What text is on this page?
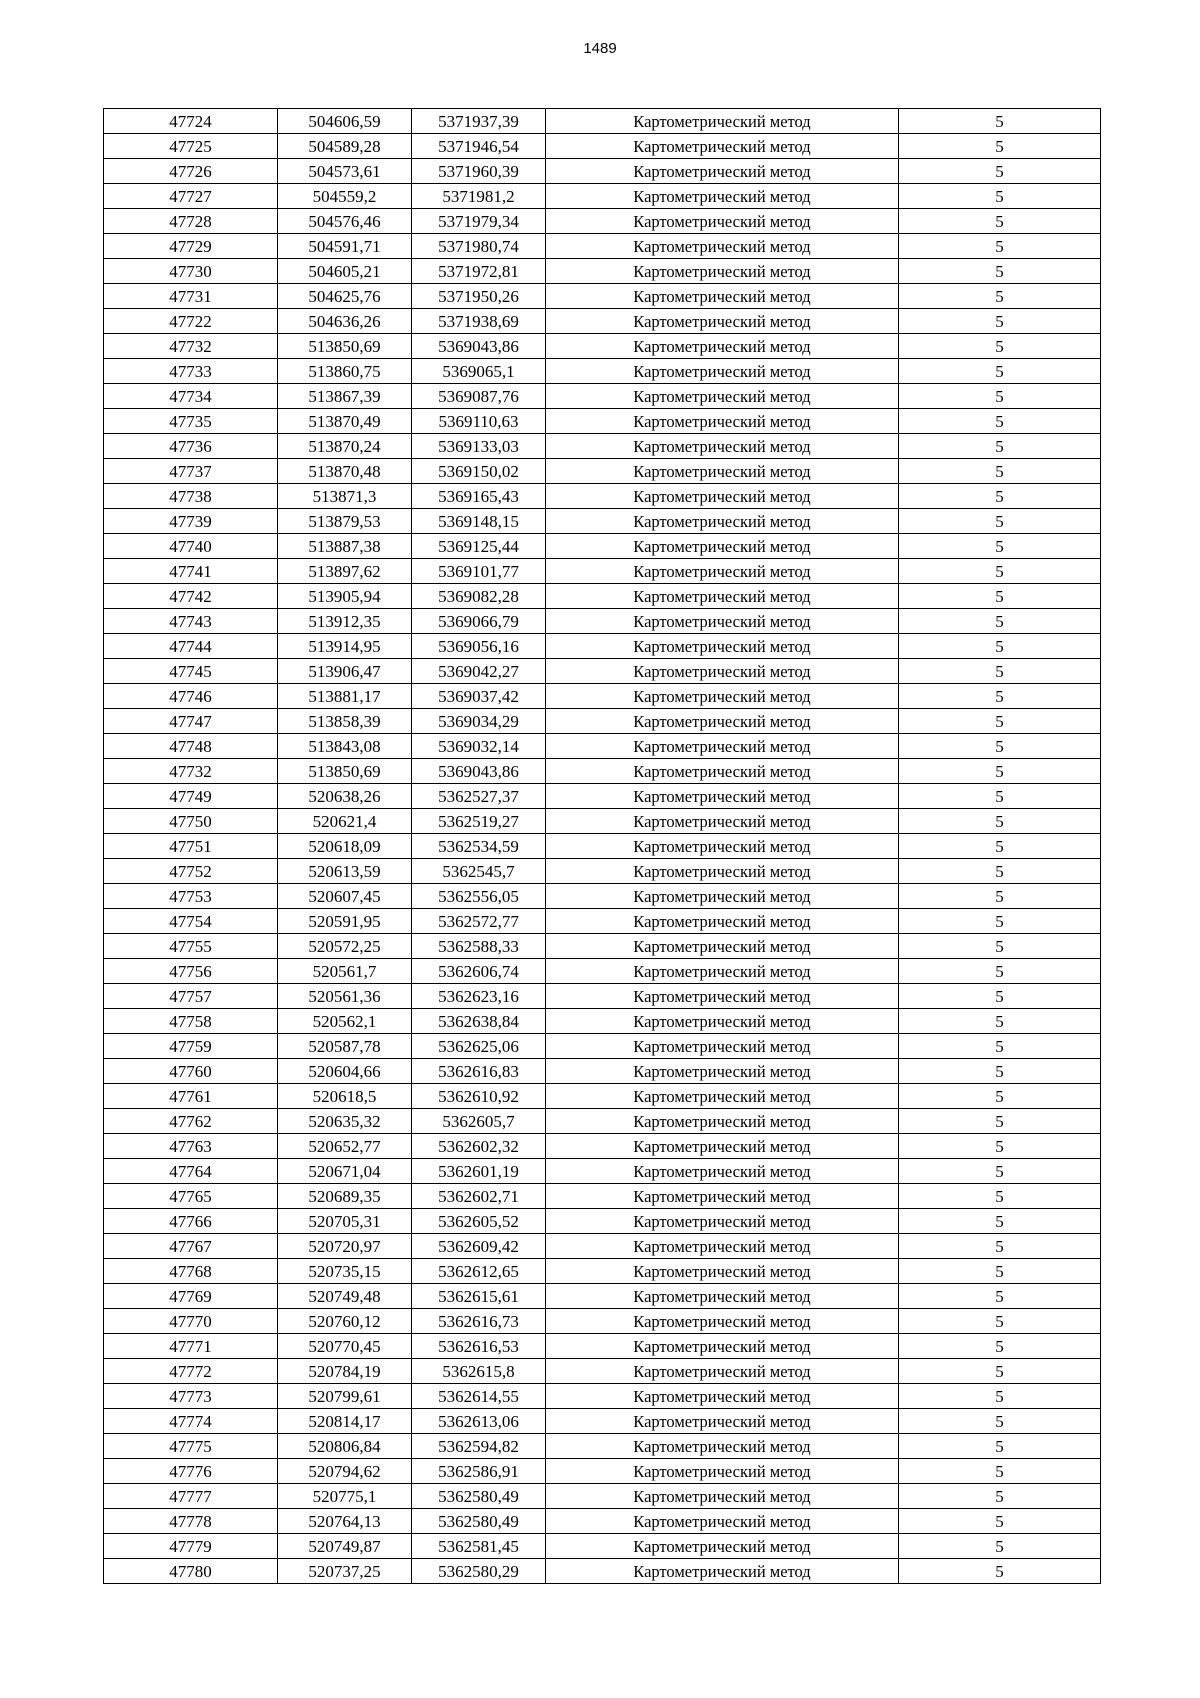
1489
47724	504606,59	5371937,39	Картометрический метод	5
47725	504589,28	5371946,54	Картометрический метод	5
47726	504573,61	5371960,39	Картометрический метод	5
47727	504559,2	5371981,2	Картометрический метод	5
47728	504576,46	5371979,34	Картометрический метод	5
47729	504591,71	5371980,74	Картометрический метод	5
47730	504605,21	5371972,81	Картометрический метод	5
47731	504625,76	5371950,26	Картометрический метод	5
47722	504636,26	5371938,69	Картометрический метод	5
47732	513850,69	5369043,86	Картометрический метод	5
47733	513860,75	5369065,1	Картометрический метод	5
47734	513867,39	5369087,76	Картометрический метод	5
47735	513870,49	5369110,63	Картометрический метод	5
47736	513870,24	5369133,03	Картометрический метод	5
47737	513870,48	5369150,02	Картометрический метод	5
47738	513871,3	5369165,43	Картометрический метод	5
47739	513879,53	5369148,15	Картометрический метод	5
47740	513887,38	5369125,44	Картометрический метод	5
47741	513897,62	5369101,77	Картометрический метод	5
47742	513905,94	5369082,28	Картометрический метод	5
47743	513912,35	5369066,79	Картометрический метод	5
47744	513914,95	5369056,16	Картометрический метод	5
47745	513906,47	5369042,27	Картометрический метод	5
47746	513881,17	5369037,42	Картометрический метод	5
47747	513858,39	5369034,29	Картометрический метод	5
47748	513843,08	5369032,14	Картометрический метод	5
47732	513850,69	5369043,86	Картометрический метод	5
47749	520638,26	5362527,37	Картометрический метод	5
47750	520621,4	5362519,27	Картометрический метод	5
47751	520618,09	5362534,59	Картометрический метод	5
47752	520613,59	5362545,7	Картометрический метод	5
47753	520607,45	5362556,05	Картометрический метод	5
47754	520591,95	5362572,77	Картометрический метод	5
47755	520572,25	5362588,33	Картометрический метод	5
47756	520561,7	5362606,74	Картометрический метод	5
47757	520561,36	5362623,16	Картометрический метод	5
47758	520562,1	5362638,84	Картометрический метод	5
47759	520587,78	5362625,06	Картометрический метод	5
47760	520604,66	5362616,83	Картометрический метод	5
47761	520618,5	5362610,92	Картометрический метод	5
47762	520635,32	5362605,7	Картометрический метод	5
47763	520652,77	5362602,32	Картометрический метод	5
47764	520671,04	5362601,19	Картометрический метод	5
47765	520689,35	5362602,71	Картометрический метод	5
47766	520705,31	5362605,52	Картометрический метод	5
47767	520720,97	5362609,42	Картометрический метод	5
47768	520735,15	5362612,65	Картометрический метод	5
47769	520749,48	5362615,61	Картометрический метод	5
47770	520760,12	5362616,73	Картометрический метод	5
47771	520770,45	5362616,53	Картометрический метод	5
47772	520784,19	5362615,8	Картометрический метод	5
47773	520799,61	5362614,55	Картометрический метод	5
47774	520814,17	5362613,06	Картометрический метод	5
47775	520806,84	5362594,82	Картометрический метод	5
47776	520794,62	5362586,91	Картометрический метод	5
47777	520775,1	5362580,49	Картометрический метод	5
47778	520764,13	5362580,49	Картометрический метод	5
47779	520749,87	5362581,45	Картометрический метод	5
47780	520737,25	5362580,29	Картометрический метод	5
